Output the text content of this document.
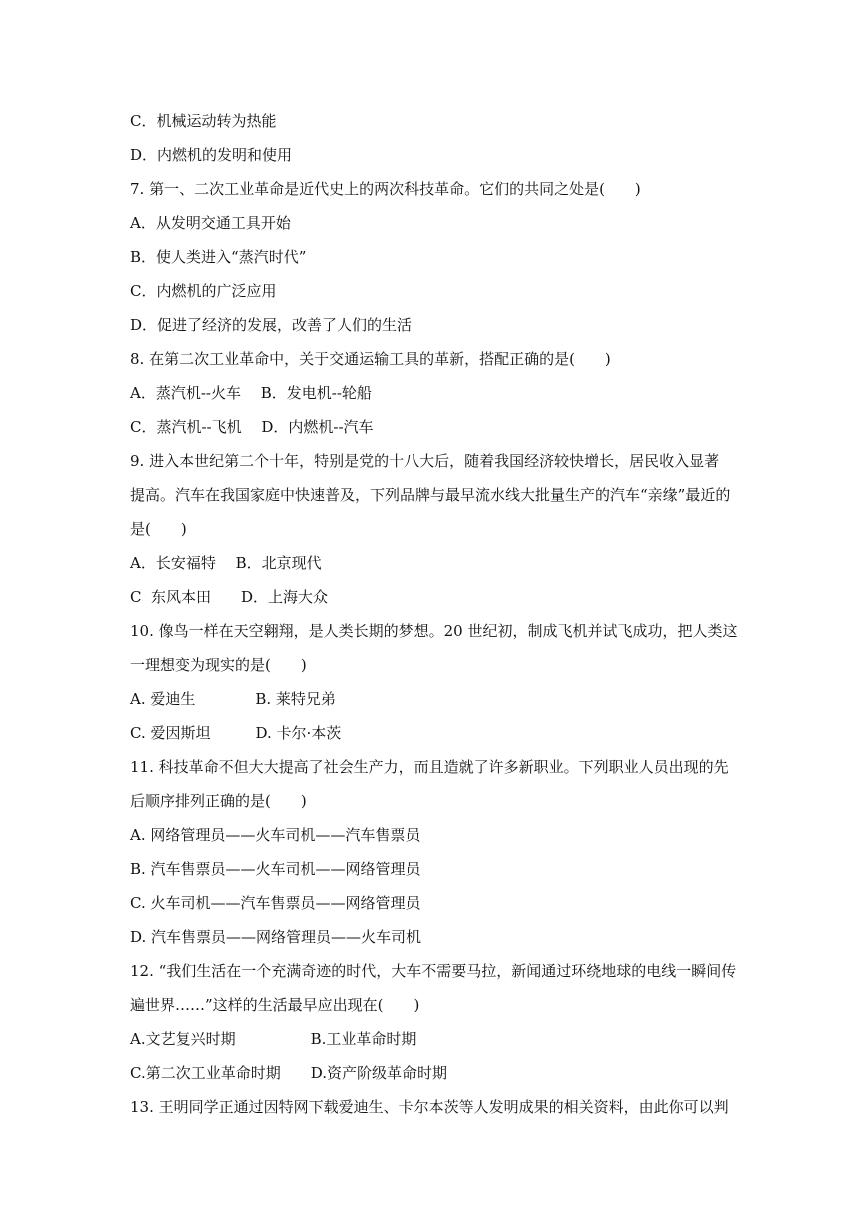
C．机械运动转为热能
D．内燃机的发明和使用
7. 第一、二次工业革命是近代史上的两次科技革命。它们的共同之处是(　　)
A．从发明交通工具开始
B．使人类进入“蒸汽时代”
C．内燃机的广泛应用
D．促进了经济的发展，改善了人们的生活
8. 在第二次工业革命中，关于交通运输工具的革新，搭配正确的是(　　)
A．蒸汽机--火车　 B．发电机--轮船
C．蒸汽机--飞机　 D．内燃机--汽车
9. 进入本世纪第二个十年，特别是党的十八大后，随着我国经济较快增长，居民收入显著
提高。汽车在我国家庭中快速普及，下列品牌与最早流水线大批量生产的汽车“亲缘”最近的
是(　　)
A．长安福特　 B．北京现代
C  东风本田　　D．上海大众
10. 像鸟一样在天空翱翔，是人类长期的梦想。20 世纪初，制成飞机并试飞成功，把人类这
一理想变为现实的是(　　)
A. 爱迪生　　　　B. 莱特兄弟
C. 爱因斯坦　　　D. 卡尔·本茨
11. 科技革命不但大大提高了社会生产力，而且造就了许多新职业。下列职业人员出现的先
后顺序排列正确的是(　　)
A. 网络管理员——火车司机——汽车售票员
B. 汽车售票员——火车司机——网络管理员
C. 火车司机——汽车售票员——网络管理员
D. 汽车售票员——网络管理员——火车司机
12. “我们生活在一个充满奇迹的时代，大车不需要马拉，新闻通过环绕地球的电线一瞬间传
遍世界……”这样的生活最早应出现在(　　)
A.文艺复兴时期　　　　　B.工业革命时期
C.第二次工业革命时期　　D.资产阶级革命时期
13. 王明同学正通过因特网下载爱迪生、卡尔本茨等人发明成果的相关资料，由此你可以判
